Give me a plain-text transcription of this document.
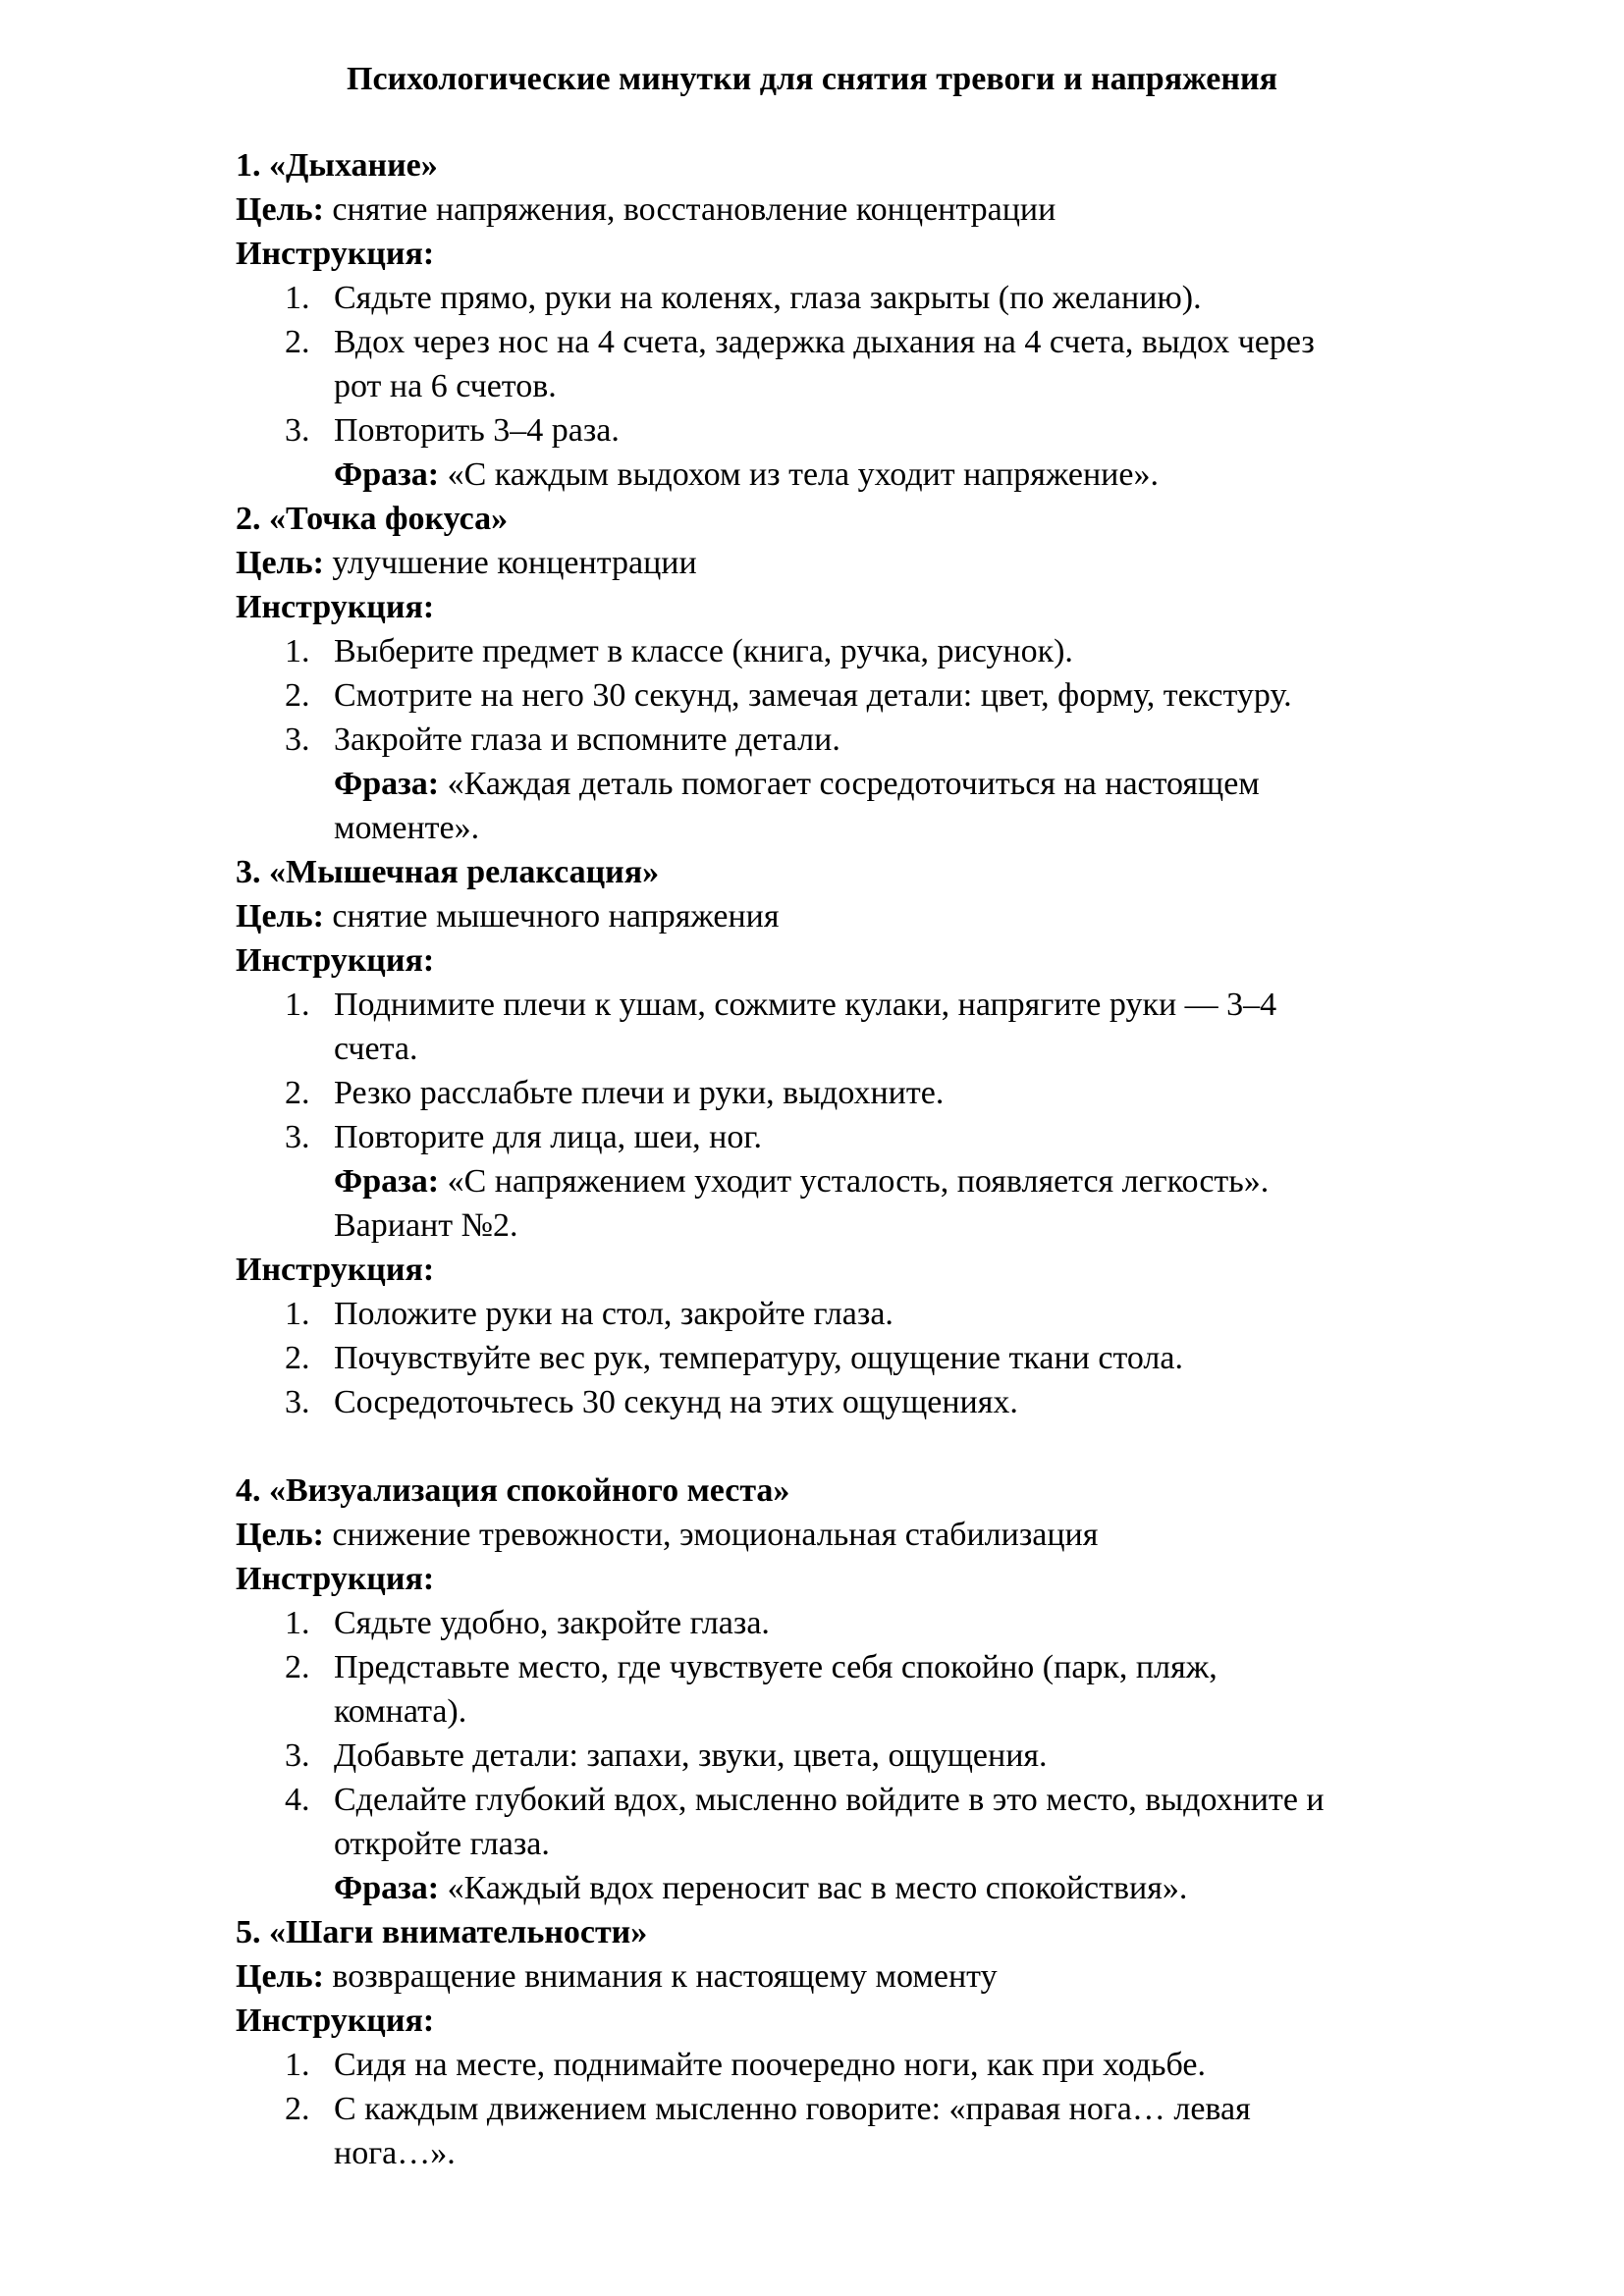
Психологические минутки для снятия тревоги и напряжения
1. «Дыхание»
Цель: снятие напряжения, восстановление концентрации
Инструкция:
1. Сядьте прямо, руки на коленях, глаза закрыты (по желанию).
2. Вдох через нос на 4 счета, задержка дыхания на 4 счета, выдох через
рот на 6 счетов.
3. Повторить 3–4 раза.
Фраза: «С каждым выдохом из тела уходит напряжение».
2. «Точка фокуса»
Цель: улучшение концентрации
Инструкция:
1. Выберите предмет в классе (книга, ручка, рисунок).
2. Смотрите на него 30 секунд, замечая детали: цвет, форму, текстуру.
3. Закройте глаза и вспомните детали.
Фраза: «Каждая деталь помогает сосредоточиться на настоящем
моменте».
3. «Мышечная релаксация»
Цель: снятие мышечного напряжения
Инструкция:
1. Поднимите плечи к ушам, сожмите кулаки, напрягите руки — 3–4
счета.
2. Резко расслабьте плечи и руки, выдохните.
3. Повторите для лица, шеи, ног.
Фраза: «С напряжением уходит усталость, появляется легкость».
Вариант №2.
Инструкция:
1. Положите руки на стол, закройте глаза.
2. Почувствуйте вес рук, температуру, ощущение ткани стола.
3. Сосредоточьтесь 30 секунд на этих ощущениях.
4. «Визуализация спокойного места»
Цель: снижение тревожности, эмоциональная стабилизация
Инструкция:
1. Сядьте удобно, закройте глаза.
2. Представьте место, где чувствуете себя спокойно (парк, пляж,
комната).
3. Добавьте детали: запахи, звуки, цвета, ощущения.
4. Сделайте глубокий вдох, мысленно войдите в это место, выдохните и
откройте глаза.
Фраза: «Каждый вдох переносит вас в место спокойствия».
5. «Шаги внимательности»
Цель: возвращение внимания к настоящему моменту
Инструкция:
1. Сидя на месте, поднимайте поочередно ноги, как при ходьбе.
2. С каждым движением мысленно говорите: «правая нога… левая
нога…».
